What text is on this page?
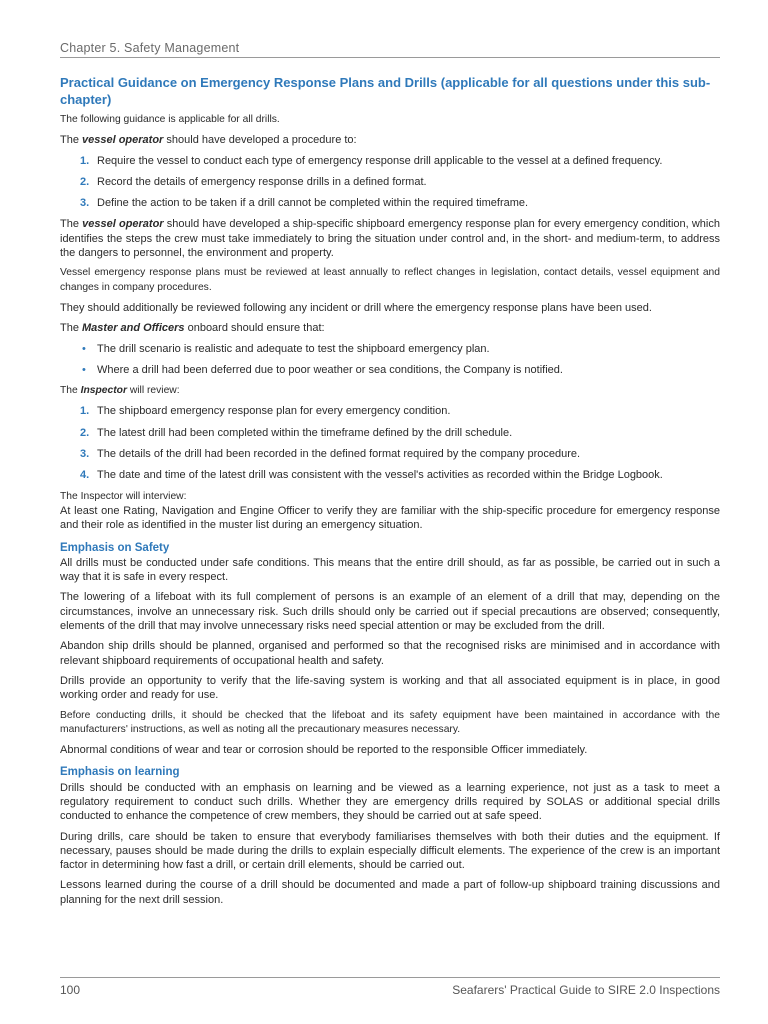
Chapter 5. Safety Management
Practical Guidance on Emergency Response Plans and Drills (applicable for all questions under this sub-chapter)

The following guidance is applicable for all drills.

The vessel operator should have developed a procedure to:

1. Require the vessel to conduct each type of emergency response drill applicable to the vessel at a defined frequency.
2. Record the details of emergency response drills in a defined format.
3. Define the action to be taken if a drill cannot be completed within the required timeframe.

The vessel operator should have developed a ship-specific shipboard emergency response plan for every emergency condition, which identifies the steps the crew must take immediately to bring the situation under control and, in the short- and medium-term, to address the dangers to personnel, the environment and property.

Vessel emergency response plans must be reviewed at least annually to reflect changes in legislation, contact details, vessel equipment and changes in company procedures.

They should additionally be reviewed following any incident or drill where the emergency response plans have been used.

The Master and Officers onboard should ensure that:

• The drill scenario is realistic and adequate to test the shipboard emergency plan.
• Where a drill had been deferred due to poor weather or sea conditions, the Company is notified.

The Inspector will review:

1. The shipboard emergency response plan for every emergency condition.
2. The latest drill had been completed within the timeframe defined by the drill schedule.
3. The details of the drill had been recorded in the defined format required by the company procedure.
4. The date and time of the latest drill was consistent with the vessel's activities as recorded within the Bridge Logbook.
The Inspector will interview:

At least one Rating, Navigation and Engine Officer to verify they are familiar with the ship-specific procedure for emergency response and their role as identified in the muster list during an emergency situation.

Emphasis on Safety

All drills must be conducted under safe conditions. This means that the entire drill should, as far as possible, be carried out in such a way that it is safe in every respect.

The lowering of a lifeboat with its full complement of persons is an example of an element of a drill that may, depending on the circumstances, involve an unnecessary risk. Such drills should only be carried out if special precautions are observed; consequently, elements of the drill that may involve unnecessary risks need special attention or may be excluded from the drill.

Abandon ship drills should be planned, organised and performed so that the recognised risks are minimised and in accordance with relevant shipboard requirements of occupational health and safety.

Drills provide an opportunity to verify that the life-saving system is working and that all associated equipment is in place, in good working order and ready for use.

Before conducting drills, it should be checked that the lifeboat and its safety equipment have been maintained in accordance with the manufacturers' instructions, as well as noting all the precautionary measures necessary.

Abnormal conditions of wear and tear or corrosion should be reported to the responsible Officer immediately.

Emphasis on learning

Drills should be conducted with an emphasis on learning and be viewed as a learning experience, not just as a task to meet a regulatory requirement to conduct such drills. Whether they are emergency drills required by SOLAS or additional special drills conducted to enhance the competence of crew members, they should be carried out at safe speed.

During drills, care should be taken to ensure that everybody familiarises themselves with both their duties and the equipment. If necessary, pauses should be made during the drills to explain especially difficult elements. The experience of the crew is an important factor in determining how fast a drill, or certain drill elements, should be carried out.

Lessons learned during the course of a drill should be documented and made a part of follow-up shipboard training discussions and planning for the next drill session.

100	Seafarers' Practical Guide to SIRE 2.0 Inspections
